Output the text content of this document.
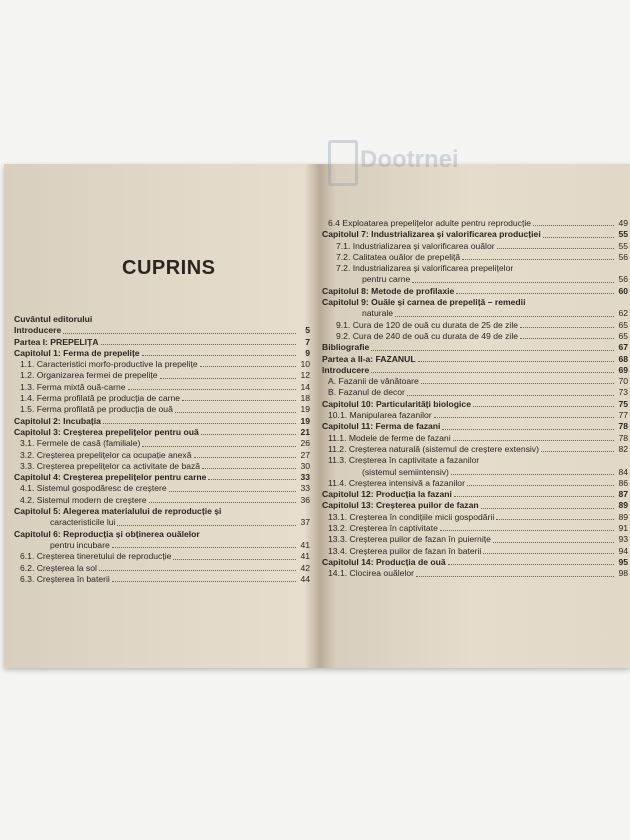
CUPRINS
Cuvântul editorului
Introducere	5
Partea I: PREPELIȚA	7
Capitolul 1: Ferma de prepelițe	9
1.1. Caracteristici morfo-productive la prepelițe	10
1.2. Organizarea fermei de prepelițe	12
1.3. Ferma mixtă ouă-carne	14
1.4. Ferma profilată pe producția de carne	18
1.5. Ferma profilată pe producția de ouă	19
Capitolul 2: Incubația	19
Capitolul 3: Creșterea prepelițelor pentru ouă	21
3.1. Fermele de casă (familiale)	26
3.2. Creșterea prepelițelor ca ocupație anexă	27
3.3. Creșterea prepelițelor ca activitate de bază	30
Capitolul 4: Creșterea prepelițelor pentru carne	33
4.1. Sistemul gospodăresc de creștere	33
4.2. Sistemul modern de creștere	36
Capitolul 5: Alegerea materialului de reproducție și
caracteristicile lui	37
Capitolul 6: Reproducția și obținerea ouălelor
pentru incubare	41
6.1. Creșterea tineretului de reproducție	41
6.2. Creșterea la sol	42
6.3. Creșterea în baterii	44
6.4 Exploatarea prepelițelor adulte pentru reproducție	49
Capitolul 7: Industrializarea și valorificarea producției	55
7.1. Industrializarea și valorificarea ouălor	55
7.2. Calitatea ouălor de prepeliță	56
7.2. Industrializarea și valorificarea prepelițelor
pentru carne	56
Capitolul 8: Metode de profilaxie	60
Capitolul 9: Ouăle și carnea de prepeliță – remedii
naturale	62
9.1. Cura de 120 de ouă cu durata de 25 de zile	65
9.2. Cura de 240 de ouă cu durata de 49 de zile	65
Bibliografie	67
Partea a II-a: FAZANUL	68
Introducere	69
A. Fazanii de vânătoare	70
B. Fazanul de decor	73
Capitolul 10: Particularități biologice	75
10.1. Manipularea fazanilor	77
Capitolul 11: Ferma de fazani	78
11.1. Modele de ferme de fazani	78
11.2. Creșterea naturală (sistemul de creștere extensiv)	82
11.3. Creșterea în captivitate a fazanilor
(sistemul semiintensiv)	84
11.4. Creșterea intensivă a fazanilor	86
Capitolul 12: Producția la fazani	87
Capitolul 13: Creșterea puilor de fazan	89
13.1. Creșterea în condițiile micii gospodării	89
13.2. Creșterea în captivitate	91
13.3. Creșterea puilor de fazan în puiernițe	93
13.4. Creșterea puilor de fazan în baterii	94
Capitolul 14: Producția de ouă	95
14.1. Clocirea ouălelor	98
Dootrnei
